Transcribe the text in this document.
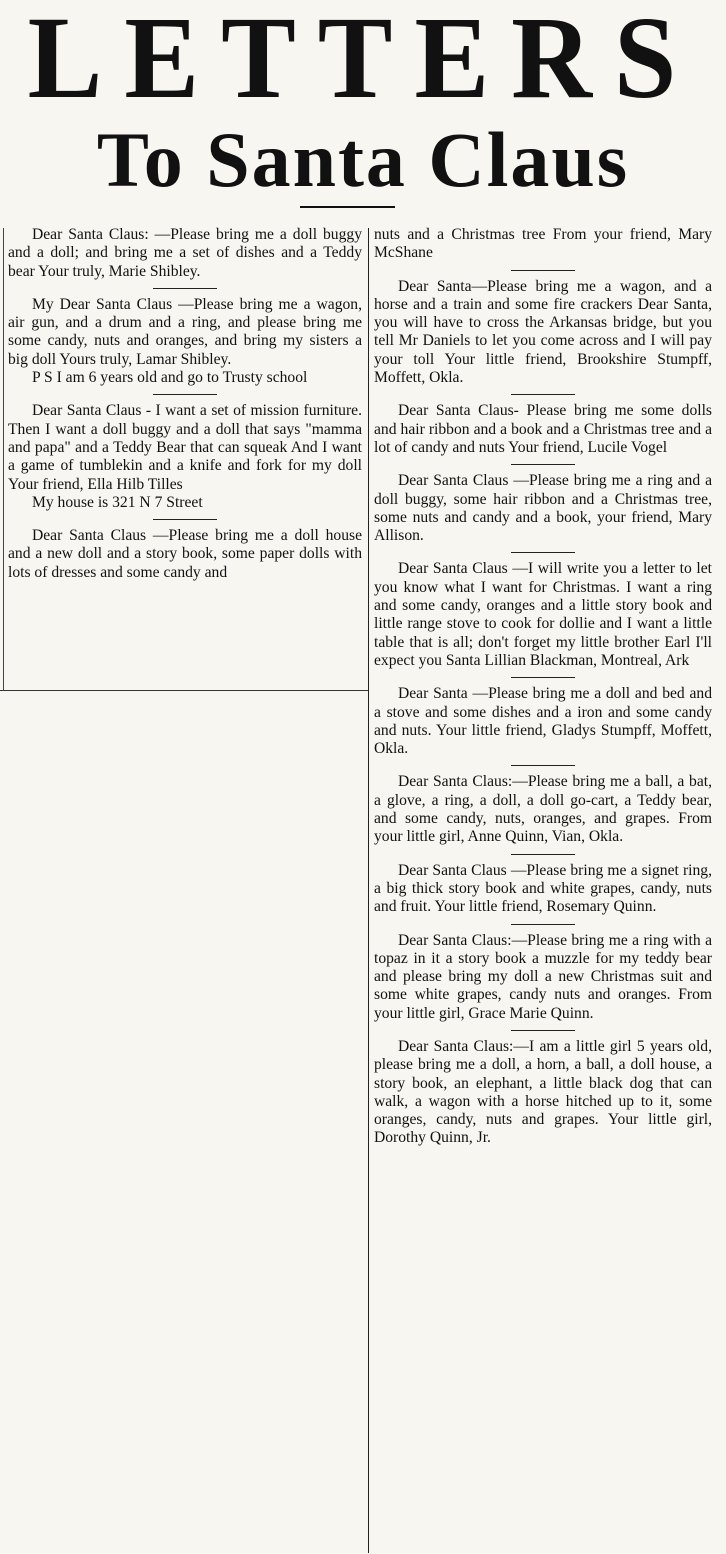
LETTERS
To Santa Claus

Dear Santa Claus: —Please bring me a doll buggy and a doll; and bring me a set of dishes and a Teddy bear Your truly, Marie Shibley.

My Dear Santa Claus —Please bring me a wagon, air gun, and a drum and a ring, and please bring me some candy, nuts and oranges, and bring my sisters a big doll Yours truly, Lamar Shibley.

P S I am 6 years old and go to Trusty school

Dear Santa Claus - I want a set of mission furniture. Then I want a doll buggy and a doll that says "mamma and papa" and a Teddy Bear that can squeak And I want a game of tumblekin and a knife and fork for my doll Your friend, Ella Hilb Tilles

My house is 321 N 7 Street

Dear Santa Claus —Please bring me a doll house and a new doll and a story book, some paper dolls with lots of dresses and some candy and

nuts and a Christmas tree From your friend, Mary McShane

Dear Santa—Please bring me a wagon, and a horse and a train and some fire crackers Dear Santa, you will have to cross the Arkansas bridge, but you tell Mr Daniels to let you come across and I will pay your toll Your little friend, Brookshire Stumpff, Moffett, Okla.

Dear Santa Claus- Please bring me some dolls and hair ribbon and a book and a Christmas tree and a lot of candy and nuts Your friend, Lucile Vogel

Dear Santa Claus —Please bring me a ring and a doll buggy, some hair ribbon and a Christmas tree, some nuts and candy and a book, your friend, Mary Allison.

Dear Santa Claus —I will write you a letter to let you know what I want for Christmas. I want a ring and some candy, oranges and a little story book and little range stove to cook for dollie and I want a little table that is all; don't forget my little brother Earl I'll expect you Santa Lillian Blackman, Montreal, Ark

Dear Santa —Please bring me a doll and bed and a stove and some dishes and a iron and some candy and nuts. Your little friend, Gladys Stumpff, Moffett, Okla.

Dear Santa Claus:—Please bring me a ball, a bat, a glove, a ring, a doll, a doll go-cart, a Teddy bear, and some candy, nuts, oranges, and grapes. From your little girl, Anne Quinn, Vian, Okla.

Dear Santa Claus —Please bring me a signet ring, a big thick story book and white grapes, candy, nuts and fruit. Your little friend, Rosemary Quinn.

Dear Santa Claus:—Please bring me a ring with a topaz in it a story book a muzzle for my teddy bear and please bring my doll a new Christmas suit and some white grapes, candy nuts and oranges. From your little girl, Grace Marie Quinn.

Dear Santa Claus:—I am a little girl 5 years old, please bring me a doll, a horn, a ball, a doll house, a story book, an elephant, a little black dog that can walk, a wagon with a horse hitched up to it, some oranges, candy, nuts and grapes. Your little girl, Dorothy Quinn, Jr.
